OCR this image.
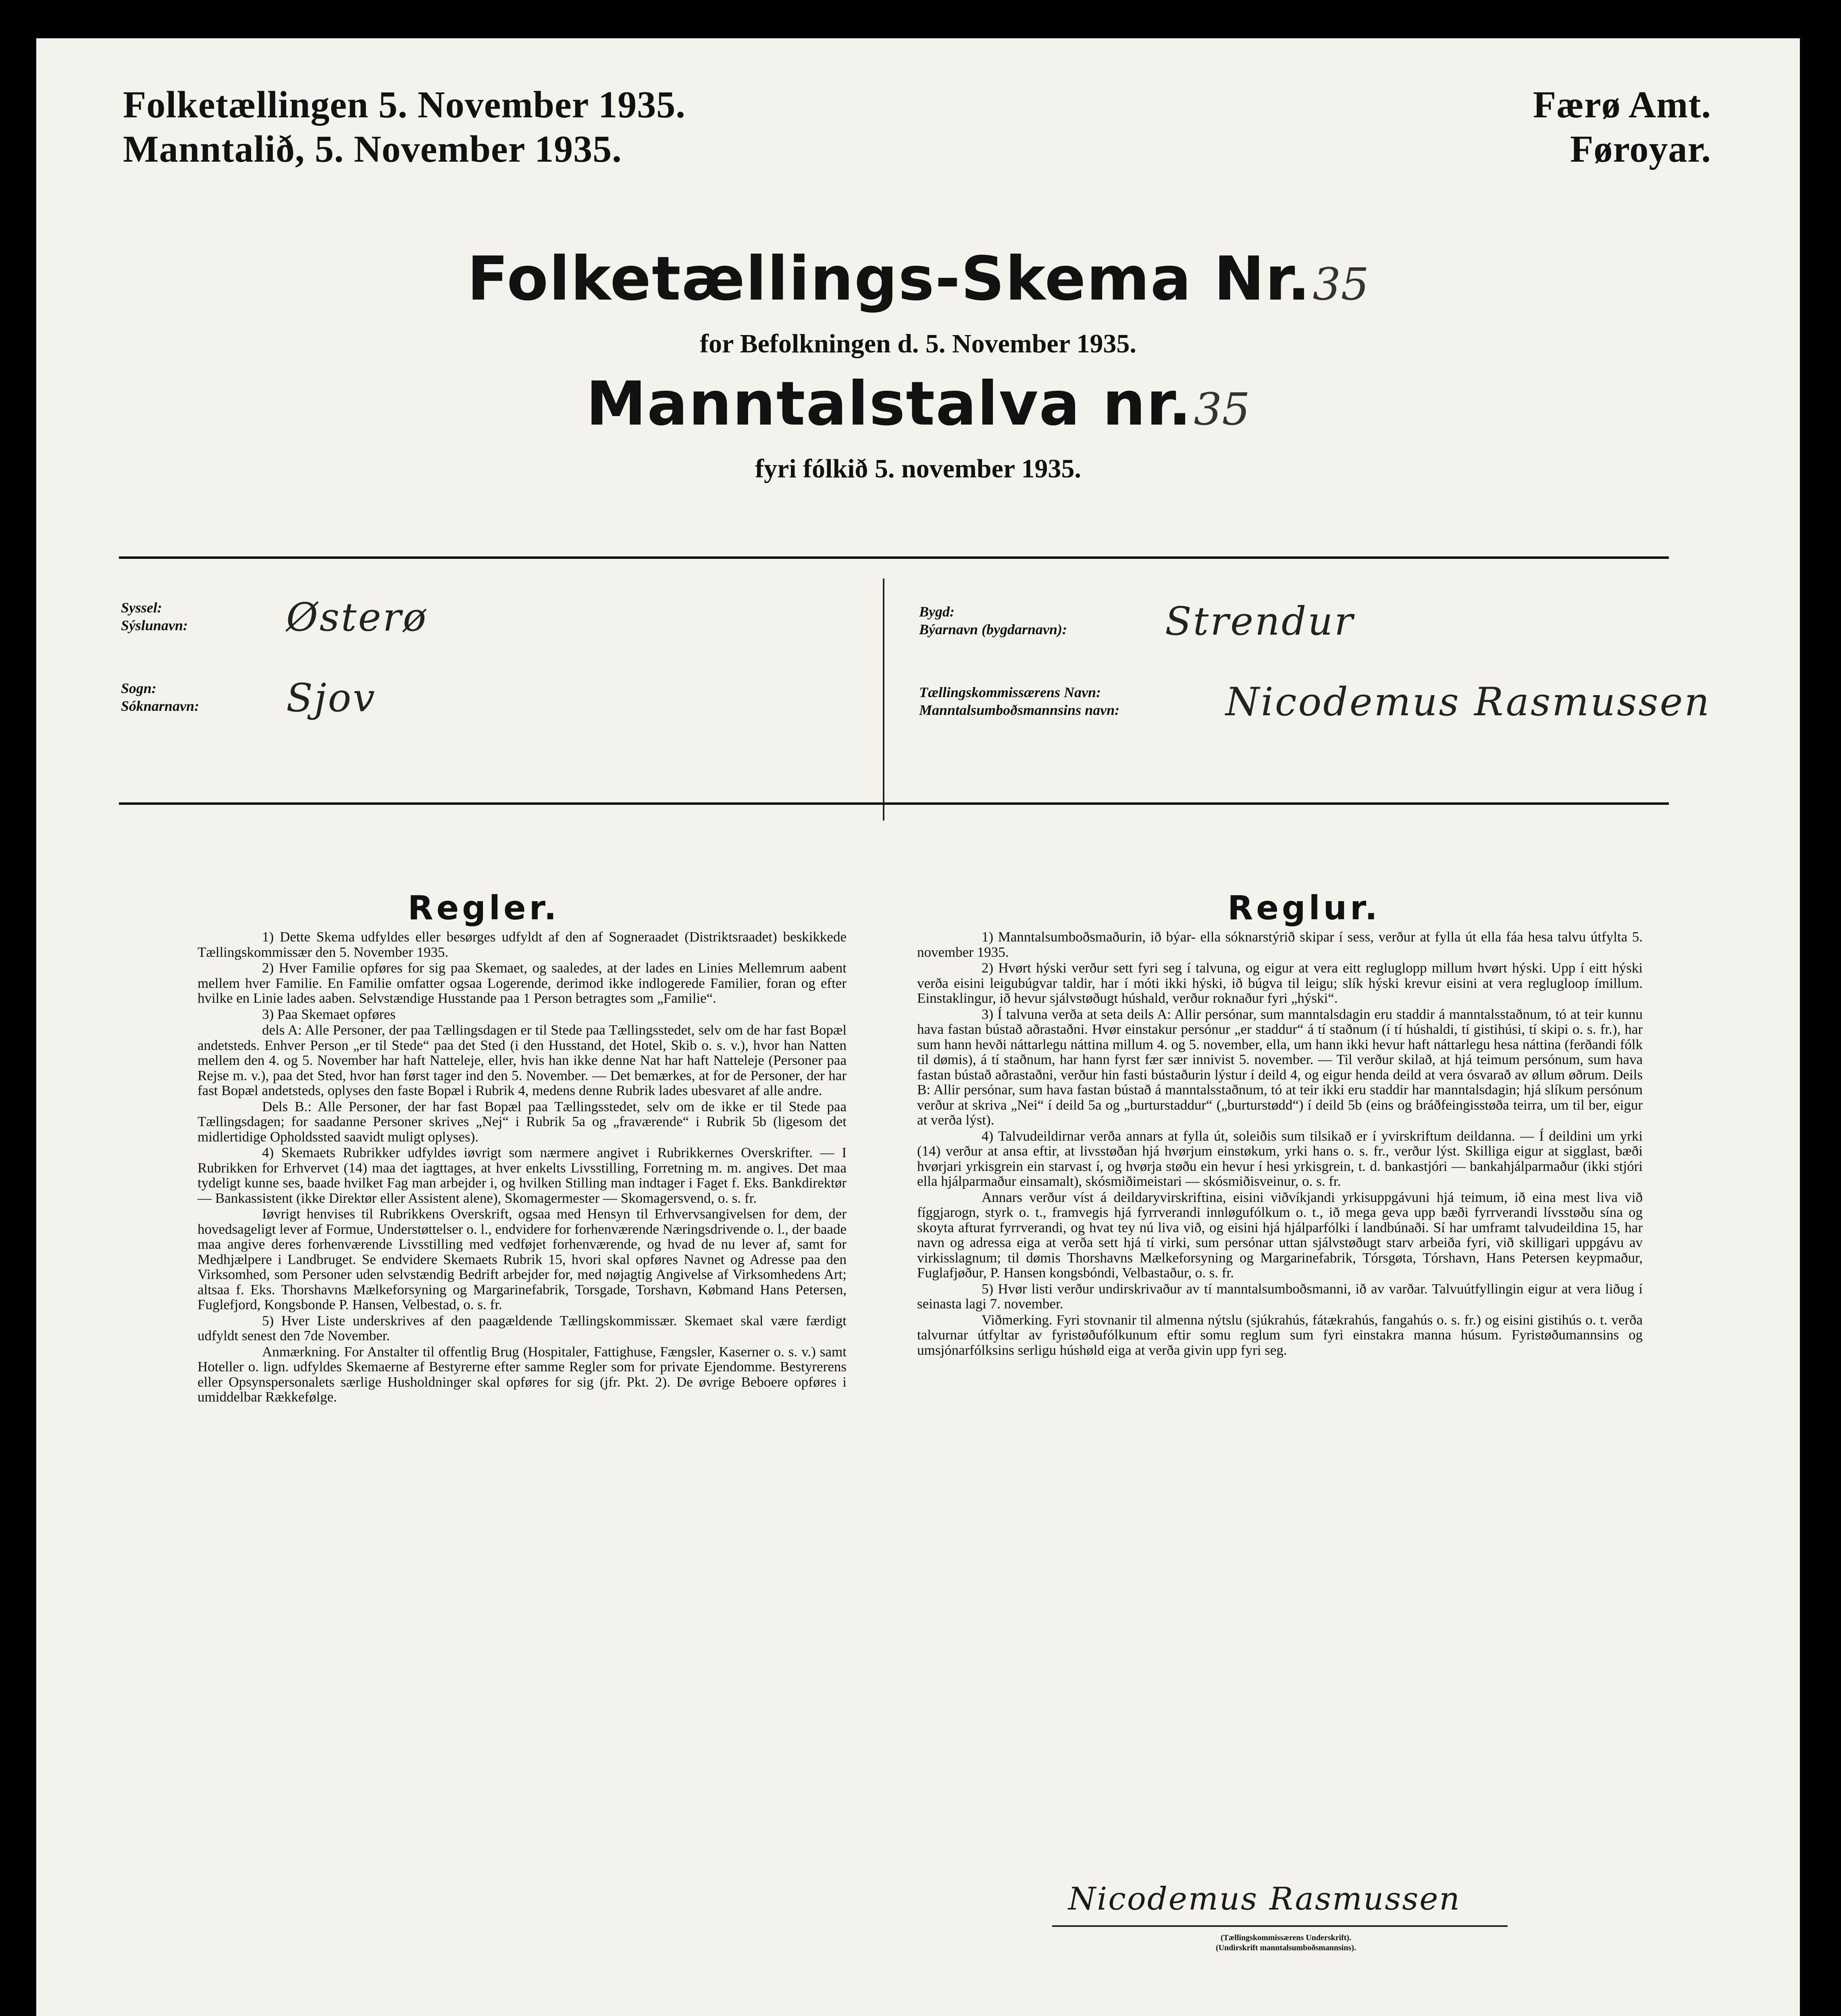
Folketællingen 5. November 1935.
Manntalið, 5. November 1935.
Færø Amt.
Føroyar.
Folketællings-Skema Nr. 35
for Befolkningen d. 5. November 1935.
Manntalstalva nr. 35
fyri fólkið 5. november 1935.
Syssel:
Sýslunavn:	Østerø
Sogn:
Sóknarnavn: Sjov
Bygd:
Býarnavn (bygdarnavn):	Strendur
Tællingskommissærens Navn:
Manntalsumboðsmannsins navn:	Nicodemus Rasmussen
Regler.

1) Dette Skema udfyldes eller besørges udfyldt af den af Sogneraadet (Distriktsraadet) beskikkede Tællingskommissær den 5. November 1935.

2) Hver Familie opføres for sig paa Skemaet, og saaledes, at der lades en Linies Mellemrum aabent mellem hver Familie. En Familie omfatter ogsaa Logerende, derimod ikke indlogerede Familier, foran og efter hvilke en Linie lades aaben. Selvstændige Husstande paa 1 Person betragtes som „Familie“.

3) Paa Skemaet opføres

dels A: Alle Personer, der paa Tællingsdagen er til Stede paa Tællingsstedet, selv om de har fast Bopæl andetsteds. Enhver Person „er til Stede“ paa det Sted (i den Husstand, det Hotel, Skib o. s. v.), hvor han Natten mellem den 4. og 5. November har haft Natteleje, eller, hvis han ikke denne Nat har haft Natteleje (Personer paa Rejse m. v.), paa det Sted, hvor han først tager ind den 5. November. — Det bemærkes, at for de Personer, der har fast Bopæl andetsteds, oplyses den faste Bopæl i Rubrik 4, medens denne Rubrik lades ubesvaret af alle andre.

Dels B.: Alle Personer, der har fast Bopæl paa Tællingsstedet, selv om de ikke er til Stede paa Tællingsdagen; for saadanne Personer skrives „Nej“ i Rubrik 5a og „fraværende“ i Rubrik 5b (ligesom det midlertidige Opholdssted saavidt muligt oplyses).

4) Skemaets Rubrikker udfyldes iøvrigt som nærmere angivet i Rubrikkernes Overskrifter. — I Rubrikken for Erhvervet (14) maa det iagttages, at hver enkelts Livsstilling, Forretning m. m. angives. Det maa tydeligt kunne ses, baade hvilket Fag man arbejder i, og hvilken Stilling man indtager i Faget f. Eks. Bankdirektør — Bankassistent (ikke Direktør eller Assistent alene), Skomagermester — Skomagersvend, o. s. fr.

Iøvrigt henvises til Rubrikkens Overskrift, ogsaa med Hensyn til Erhvervsangivelsen for dem, der hovedsageligt lever af Formue, Understøttelser o. l., endvidere for forhenværende Næringsdrivende o. l., der baade maa angive deres forhenværende Livsstilling med vedføjet forhenværende, og hvad de nu lever af, samt for Medhjælpere i Landbruget. Se endvidere Skemaets Rubrik 15, hvori skal opføres Navnet og Adresse paa den Virksomhed, som Personer uden selvstændig Bedrift arbejder for, med nøjagtig Angivelse af Virksomhedens Art; altsaa f. Eks. Thorshavns Mælkeforsyning og Margarinefabrik, Torsgade, Torshavn, Købmand Hans Petersen, Fuglefjord, Kongsbonde P. Hansen, Velbestad, o. s. fr.

5) Hver Liste underskrives af den paagældende Tællingskommissær. Skemaet skal være færdigt udfyldt senest den 7de November.

Anmærkning. For Anstalter til offentlig Brug (Hospitaler, Fattighuse, Fængsler, Kaserner o. s. v.) samt Hoteller o. lign. udfyldes Skemaerne af Bestyrerne efter samme Regler som for private Ejendomme. Bestyrerens eller Opsynspersonalets særlige Husholdninger skal opføres for sig (jfr. Pkt. 2). De øvrige Beboere opføres i umiddelbar Rækkefølge.

Reglur.

1) Manntalsumboðsmaðurin, ið býar- ella sóknarstýrið skipar í sess, verður at fylla út ella fáa hesa talvu útfylta 5. november 1935.

2) Hvørt hýski verður sett fyri seg í talvuna, og eigur at vera eitt regluglopp millum hvørt hýski. Upp í eitt hýski verða eisini leigubúgvar taldir, har í móti ikki hýski, ið búgva til leigu; slík hýski krevur eisini at vera reglugloop ímillum. Einstaklingur, ið hevur sjálvstøðugt húshald, verður roknaður fyri „hýski“.

3) Í talvuna verða at seta deils A: Allir persónar, sum manntalsdagin eru staddir á manntalsstaðnum, tó at teir kunnu hava fastan bústað aðrastaðni. Hvør einstakur persónur „er staddur“ á tí staðnum (í tí húshaldi, tí gistihúsi, tí skipi o. s. fr.), har sum hann hevði náttarlegu náttina millum 4. og 5. november, ella, um hann ikki hevur haft náttarlegu hesa náttina (ferðandi fólk til dømis), á tí staðnum, har hann fyrst fær sær innivist 5. november. — Til verður skilað, at hjá teimum persónum, sum hava fastan bústað aðrastaðni, verður hin fasti bústaðurin lýstur í deild 4, og eigur henda deild at vera ósvarað av øllum øðrum. Deils B: Allir persónar, sum hava fastan bústað á manntalsstaðnum, tó at teir ikki eru staddir har manntalsdagin; hjá slíkum persónum verður at skriva „Nei“ í deild 5a og „burturstaddur“ („burturstødd“) í deild 5b (eins og bráðfeingisstøða teirra, um til ber, eigur at verða lýst).

4) Talvudeildirnar verða annars at fylla út, soleiðis sum tilsikað er í yvirskriftum deildanna. — Í deildini um yrki (14) verður at ansa eftir, at livsstøðan hjá hvørjum einstøkum, yrki hans o. s. fr., verður lýst. Skilliga eigur at sigglast, bæði hvørjari yrkisgrein ein starvast í, og hvørja støðu ein hevur í hesi yrkisgrein, t. d. bankastjóri — bankahjálparmaður (ikki stjóri ella hjálparmaður einsamalt), skósmiðimeistari — skósmiðisveinur, o. s. fr.

Annars verður víst á deildaryvirskriftina, eisini viðvíkjandi yrkisuppgávuni hjá teimum, ið eina mest liva við fíggjarogn, styrk o. t., framvegis hjá fyrrverandi innløgufólkum o. t., ið mega geva upp bæði fyrrverandi lívsstøðu sína og skoyta afturat fyrrverandi, og hvat tey nú liva við, og eisini hjá hjálparfólki í landbúnaði. Sí har umframt talvudeildina 15, har navn og adressa eiga at verða sett hjá tí virki, sum persónar uttan sjálvstøðugt starv arbeiða fyri, við skilligari uppgávu av virkisslagnum; til dømis Thorshavns Mælkeforsyning og Margarinefabrik, Tórsgøta, Tórshavn, Hans Petersen keypmaður, Fuglafjøður, P. Hansen kongsbóndi, Velbastaður, o. s. fr.

5) Hvør listi verður undirskrivaður av tí manntalsumboðsmanni, ið av varðar. Talvuútfyllingin eigur at vera liðug í seinasta lagi 7. november.

Viðmerking. Fyri stovnanir til almenna nýtslu (sjúkrahús, fátækrahús, fangahús o. s. fr.) og eisini gistihús o. t. verða talvurnar útfyltar av fyristøðufólkunum eftir somu reglum sum fyri einstakra manna húsum. Fyristøðumannsins og umsjónarfólksins serligu húshøld eiga at verða givin upp fyri seg.

Nicodemus Rasmussen
(Tællingskommissærens Underskrift).
(Undirskrift manntalsumboðsmannsins).
